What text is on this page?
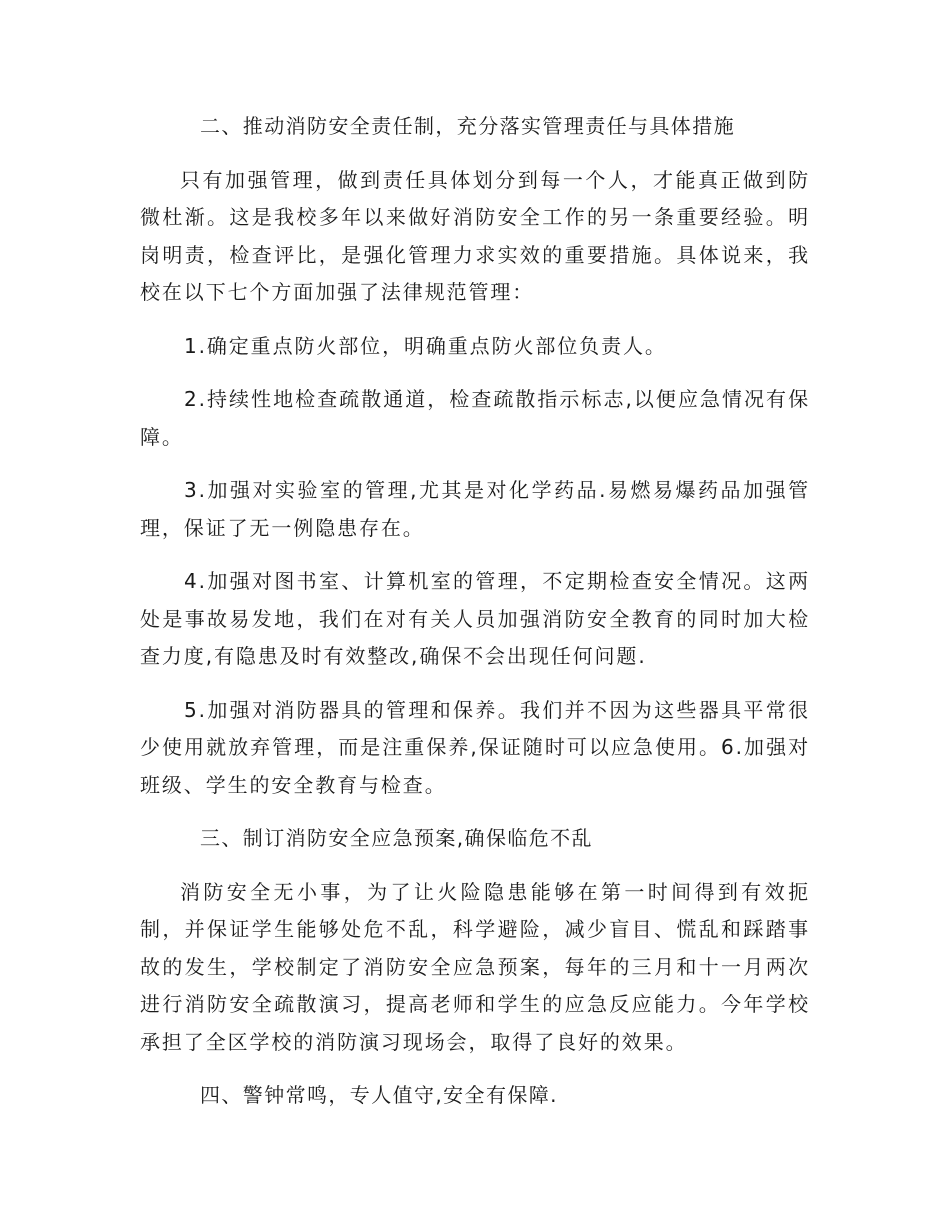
二、推动消防安全责任制，充分落实管理责任与具体措施

只有加强管理，做到责任具体划分到每一个人，才能真正做到防微杜渐。这是我校多年以来做好消防安全工作的另一条重要经验。明岗明责，检查评比，是强化管理力求实效的重要措施。具体说来，我校在以下七个方面加强了法律规范管理：

1.确定重点防火部位，明确重点防火部位负责人。

2.持续性地检查疏散通道，检查疏散指示标志,以便应急情况有保障。

3.加强对实验室的管理,尤其是对化学药品.易燃易爆药品加强管理，保证了无一例隐患存在。

4.加强对图书室、计算机室的管理，不定期检查安全情况。这两处是事故易发地，我们在对有关人员加强消防安全教育的同时加大检查力度,有隐患及时有效整改,确保不会出现任何问题.

5.加强对消防器具的管理和保养。我们并不因为这些器具平常很少使用就放弃管理，而是注重保养,保证随时可以应急使用。6.加强对班级、学生的安全教育与检查。

三、制订消防安全应急预案,确保临危不乱

消防安全无小事，为了让火险隐患能够在第一时间得到有效扼制，并保证学生能够处危不乱，科学避险，减少盲目、慌乱和踩踏事故的发生，学校制定了消防安全应急预案，每年的三月和十一月两次进行消防安全疏散演习，提高老师和学生的应急反应能力。今年学校承担了全区学校的消防演习现场会，取得了良好的效果。

四、警钟常鸣，专人值守,安全有保障.
